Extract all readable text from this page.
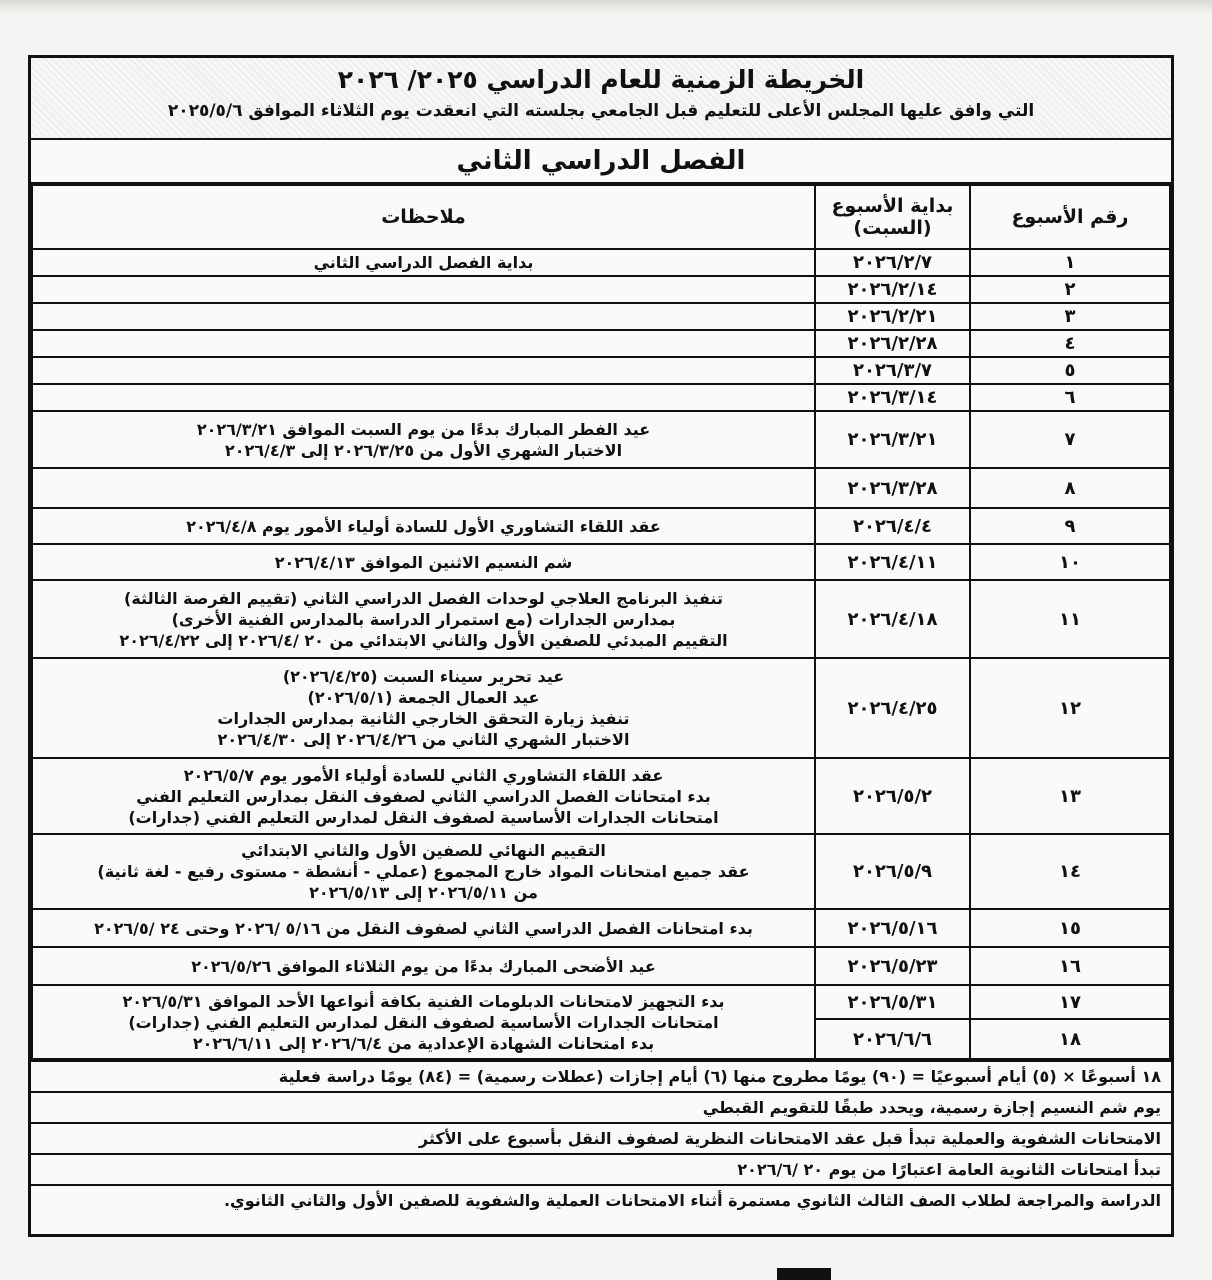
الخريطة الزمنية للعام الدراسي ٢٠٢٥/ ٢٠٢٦
التي وافق عليها المجلس الأعلى للتعليم قبل الجامعي بجلسته التي انعقدت يوم الثلاثاء الموافق ٢٠٢٥/٥/٦
الفصل الدراسي الثاني
رقم الأسبوع	بداية الأسبوع (السبت)	ملاحظات
١	٢٠٢٦/٢/٧	بداية الفصل الدراسي الثاني

٢	٢٠٢٦/٢/١٤	
٣	٢٠٢٦/٢/٢١	
٤	٢٠٢٦/٢/٢٨	
٥	٢٠٢٦/٣/٧	
٦	٢٠٢٦/٣/١٤	
٧	٢٠٢٦/٣/٢١	عيد الفطر المبارك بدءًا من يوم السبت الموافق ٢٠٢٦/٣/٢١
الاختبار الشهري الأول من ٢٠٢٦/٣/٢٥ إلى ٢٠٢٦/٤/٣

٨	٢٠٢٦/٣/٢٨	
٩	٢٠٢٦/٤/٤	عقد اللقاء التشاوري الأول للسادة أولياء الأمور يوم ٢٠٢٦/٤/٨

١٠	٢٠٢٦/٤/١١	شم النسيم الاثنين الموافق ٢٠٢٦/٤/١٣

١١	٢٠٢٦/٤/١٨	تنفيذ البرنامج العلاجي لوحدات الفصل الدراسي الثاني (تقييم الفرصة الثالثة)
بمدارس الجدارات (مع استمرار الدراسة بالمدارس الفنية الأخرى)
التقييم المبدئي للصفين الأول والثاني الابتدائي من ٢٠ /٢٠٢٦/٤ إلى ٢٠٢٦/٤/٢٢

١٢	٢٠٢٦/٤/٢٥	عيد تحرير سيناء السبت (٢٠٢٦/٤/٢٥)
عيد العمال الجمعة (٢٠٢٦/٥/١)
تنفيذ زيارة التحقق الخارجي الثانية بمدارس الجدارات
الاختبار الشهري الثاني من ٢٠٢٦/٤/٢٦ إلى ٢٠٢٦/٤/٣٠

١٣	٢٠٢٦/٥/٢	عقد اللقاء التشاوري الثاني للسادة أولياء الأمور يوم ٢٠٢٦/٥/٧
بدء امتحانات الفصل الدراسي الثاني لصفوف النقل بمدارس التعليم الفني
امتحانات الجدارات الأساسية لصفوف النقل لمدارس التعليم الفني (جدارات)

١٤	٢٠٢٦/٥/٩	التقييم النهائي للصفين الأول والثاني الابتدائي
عقد جميع امتحانات المواد خارج المجموع (عملي - أنشطة - مستوى رفيع - لغة ثانية)
من ٢٠٢٦/٥/١١ إلى ٢٠٢٦/٥/١٣

١٥	٢٠٢٦/٥/١٦	بدء امتحانات الفصل الدراسي الثاني لصفوف النقل من ٥/١٦ /٢٠٢٦ وحتى ٢٤ /٢٠٢٦/٥

١٦	٢٠٢٦/٥/٢٣	عيد الأضحى المبارك بدءًا من يوم الثلاثاء الموافق ٢٠٢٦/٥/٢٦

١٧	٢٠٢٦/٥/٣١	بدء التجهيز لامتحانات الدبلومات الفنية بكافة أنواعها الأحد الموافق ٢٠٢٦/٥/٣١
امتحانات الجدارات الأساسية لصفوف النقل لمدارس التعليم الفني (جدارات)
بدء امتحانات الشهادة الإعدادية من ٢٠٢٦/٦/٤ إلى ٢٠٢٦/٦/١١

١٨	٢٠٢٦/٦/٦	
١٨ أسبوعًا × (٥) أيام أسبوعيًا = (٩٠) يومًا مطروح منها (٦) أيام إجازات (عطلات رسمية) = (٨٤) يومًا دراسة فعلية
يوم شم النسيم إجازة رسمية، ويحدد طبقًا للتقويم القبطي
الامتحانات الشفوية والعملية تبدأ قبل عقد الامتحانات النظرية لصفوف النقل بأسبوع على الأكثر
تبدأ امتحانات الثانوية العامة اعتبارًا من يوم ٢٠ /٢٠٢٦/٦
الدراسة والمراجعة لطلاب الصف الثالث الثانوي مستمرة أثناء الامتحانات العملية والشفوية للصفين الأول والثاني الثانوي.
